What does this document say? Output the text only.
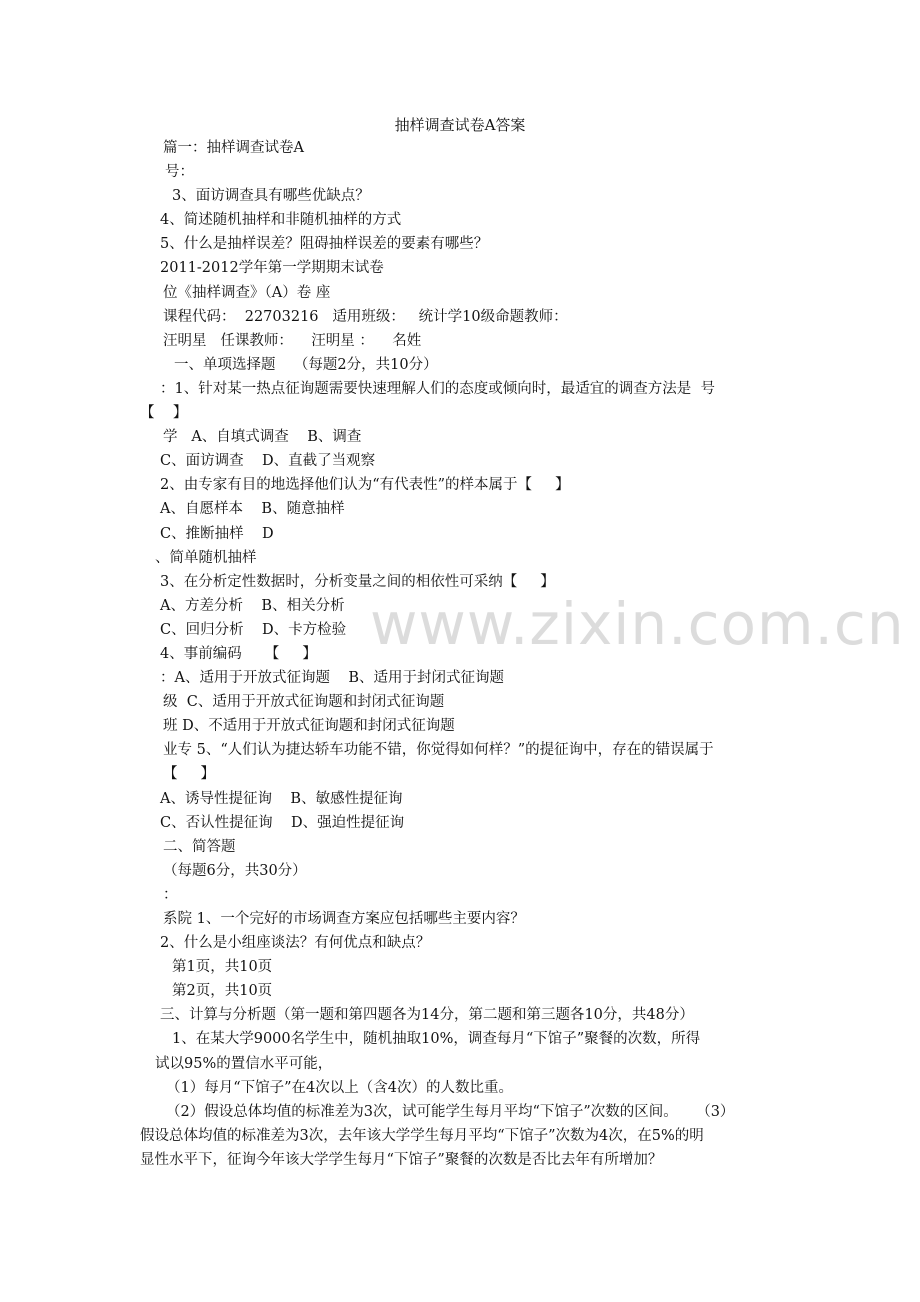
抽样调查试卷A答案
篇一：抽样调查试卷A
号：
3、面访调查具有哪些优缺点？
4、简述随机抽样和非随机抽样的方式
5、什么是抽样误差？阻碍抽样误差的要素有哪些？
2011-2012学年第一学期期末试卷
位《抽样调查》（A）卷 座
课程代码：  22703216   适用班级：   统计学10级命题教师：
汪明星   任课教师：    汪明星 ：    名姓
一、单项选择题    （每题2分，共10分）
：1、针对某一热点征询题需要快速理解人们的态度或倾向时，最适宜的调查方法是  号
【    】
学   A、自填式调查    B、调查
C、面访调查    D、直截了当观察
2、由专家有目的地选择他们认为“有代表性”的样本属于【     】
A、自愿样本    B、随意抽样
C、推断抽样    D
、简单随机抽样
3、在分析定性数据时，分析变量之间的相依性可采纳【     】
A、方差分析    B、相关分析
C、回归分析    D、卡方检验
4、事前编码     【     】
：A、适用于开放式征询题    B、适用于封闭式征询题
级  C、适用于开放式征询题和封闭式征询题
班 D、不适用于开放式征询题和封闭式征询题
业专 5、“人们认为捷达轿车功能不错，你觉得如何样？”的提征询中，存在的错误属于
【     】
A、诱导性提征询    B、敏感性提征询
C、否认性提征询    D、强迫性提征询
二、简答题
（每题6分，共30分）
：
系院 1、一个完好的市场调查方案应包括哪些主要内容？
2、什么是小组座谈法？有何优点和缺点？
第1页，共10页
第2页，共10页
三、计算与分析题（第一题和第四题各为14分，第二题和第三题各10分，共48分）
1、在某大学9000名学生中，随机抽取10%，调查每月“下馆子”聚餐的次数，所得
试以95%的置信水平可能，
（1）每月“下馆子”在4次以上（含4次）的人数比重。
（2）假设总体均值的标准差为3次，试可能学生每月平均“下馆子”次数的区间。    （3）
假设总体均值的标准差为3次，去年该大学学生每月平均“下馆子”次数为4次，在5%的明
显性水平下，征询今年该大学学生每月“下馆子”聚餐的次数是否比去年有所增加？
www.zixin.com.cn
